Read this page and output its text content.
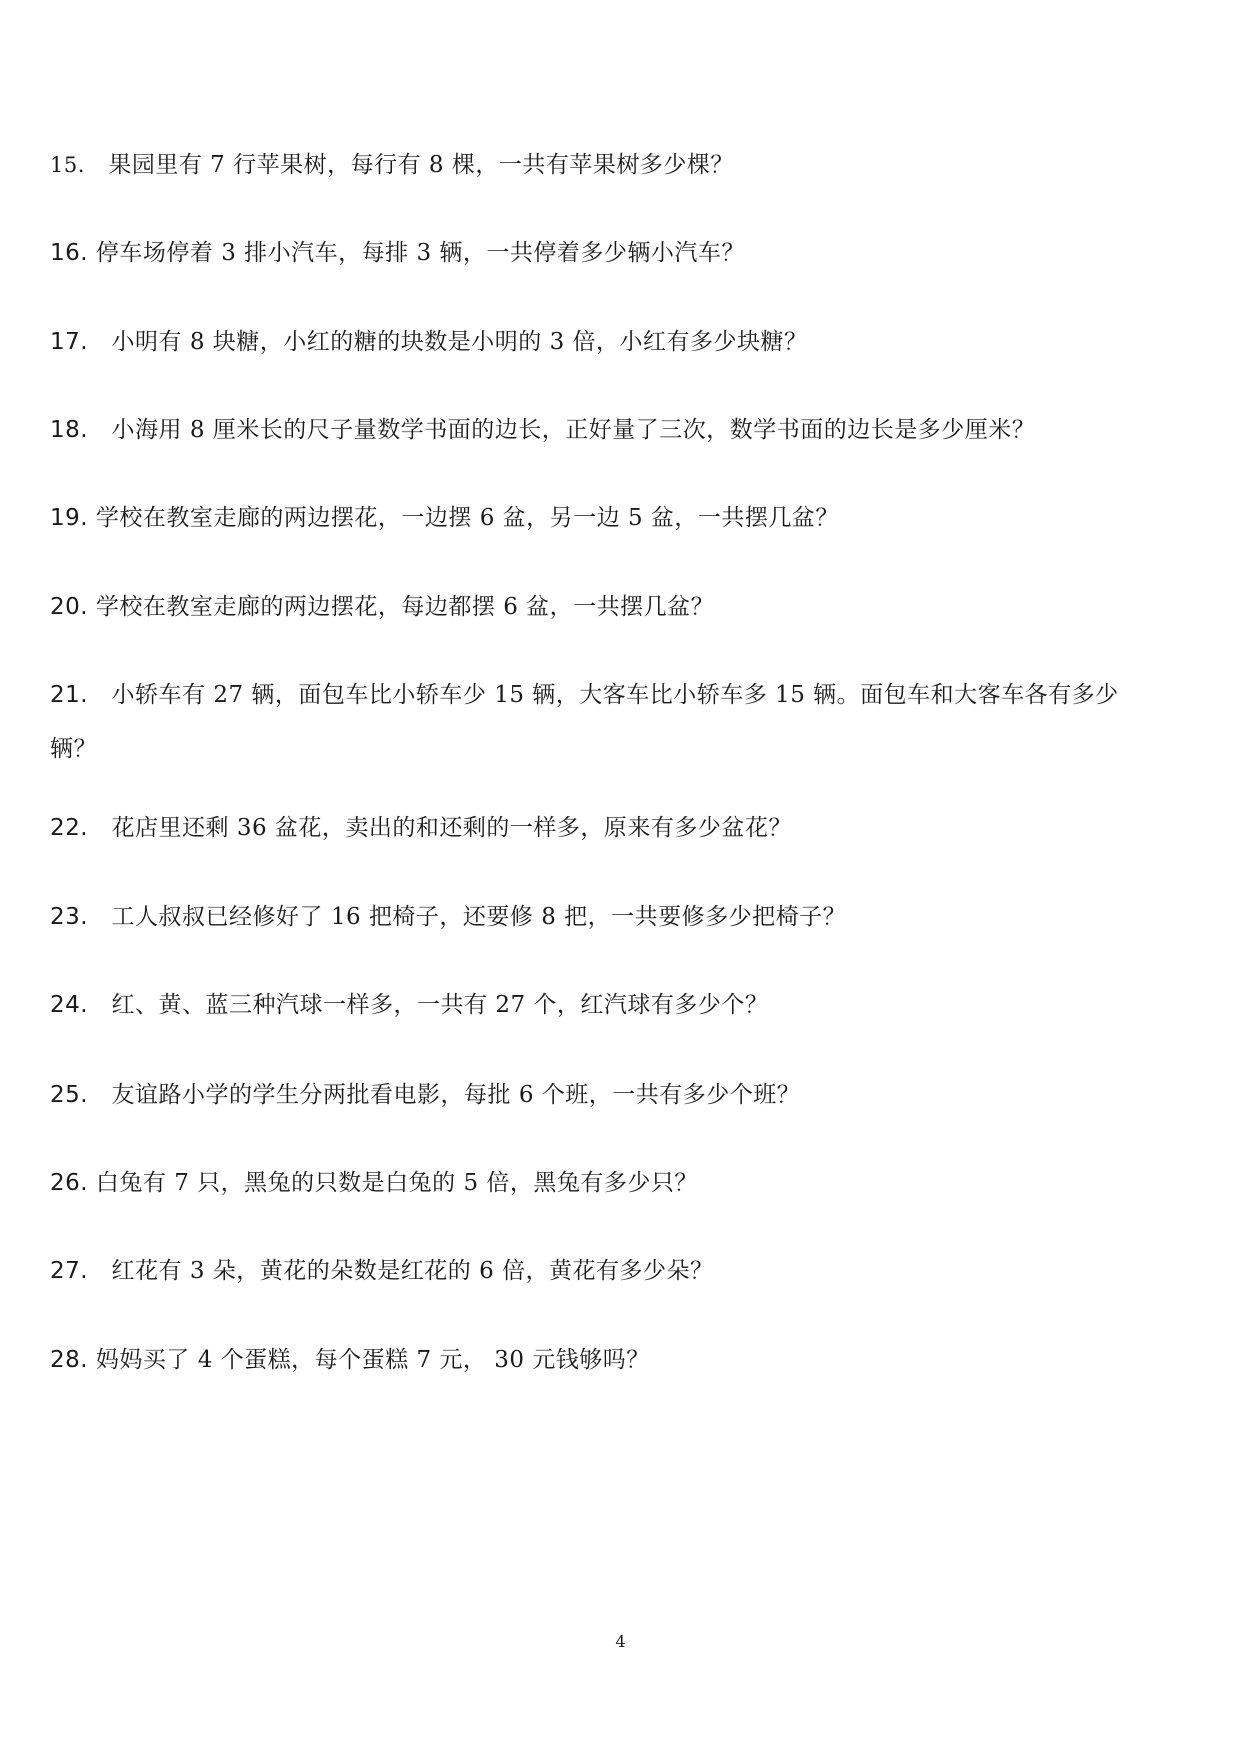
15. 果园里有 7 行苹果树，每行有 8 棵，一共有苹果树多少棵？
16. 停车场停着 3 排小汽车，每排 3 辆，一共停着多少辆小汽车？
17. 小明有 8 块糖，小红的糖的块数是小明的 3 倍，小红有多少块糖？
18. 小海用 8 厘米长的尺子量数学书面的边长，正好量了三次，数学书面的边长是多少厘米？
19. 学校在教室走廊的两边摆花，一边摆 6 盆，另一边 5 盆，一共摆几盆？
20. 学校在教室走廊的两边摆花，每边都摆 6 盆，一共摆几盆？
21. 小轿车有 27 辆，面包车比小轿车少 15 辆，大客车比小轿车多 15 辆。面包车和大客车各有多少辆？
22. 花店里还剩 36 盆花，卖出的和还剩的一样多，原来有多少盆花？
23. 工人叔叔已经修好了 16 把椅子，还要修 8 把，一共要修多少把椅子？
24. 红、黄、蓝三种汽球一样多，一共有 27 个，红汽球有多少个？
25. 友谊路小学的学生分两批看电影，每批 6 个班，一共有多少个班？
26. 白兔有 7 只，黑兔的只数是白兔的 5 倍，黑兔有多少只？
27. 红花有 3 朵，黄花的朵数是红花的 6 倍，黄花有多少朵？
28. 妈妈买了 4 个蛋糕，每个蛋糕 7 元， 30 元钱够吗？
4
